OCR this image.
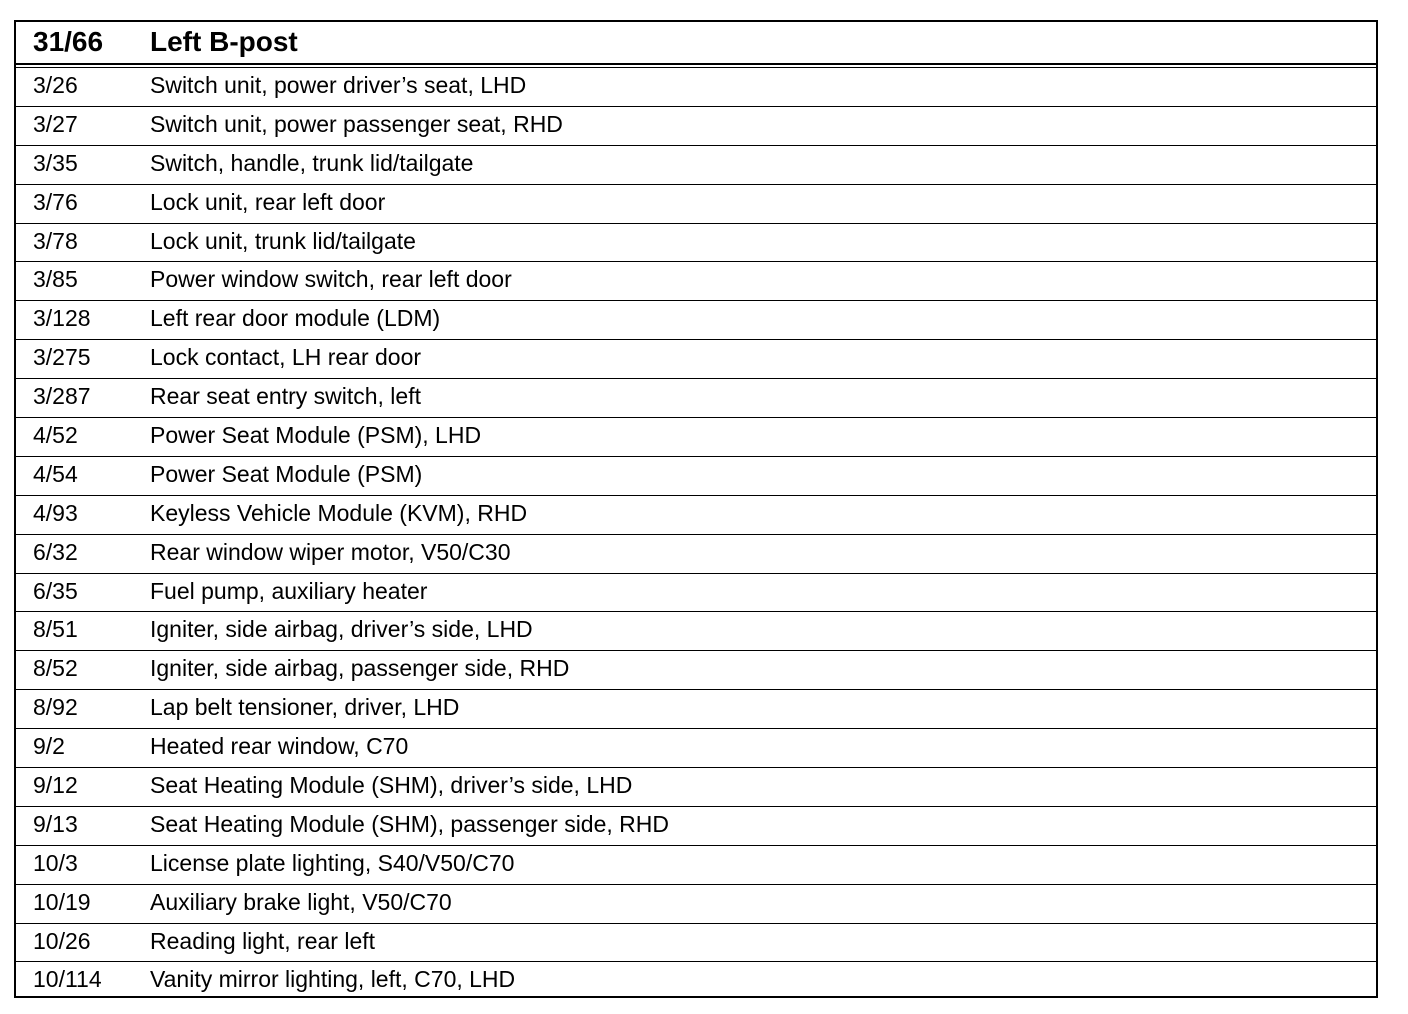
31/66 Left B-post
3/26	Switch unit, power driver’s seat, LHD
3/27	Switch unit, power passenger seat, RHD
3/35	Switch, handle, trunk lid/tailgate
3/76	Lock unit, rear left door
3/78	Lock unit, trunk lid/tailgate
3/85	Power window switch, rear left door
3/128	Left rear door module (LDM)
3/275	Lock contact, LH rear door
3/287	Rear seat entry switch, left
4/52	Power Seat Module (PSM), LHD
4/54	Power Seat Module (PSM)
4/93	Keyless Vehicle Module (KVM), RHD
6/32	Rear window wiper motor, V50/C30
6/35	Fuel pump, auxiliary heater
8/51	Igniter, side airbag, driver’s side, LHD
8/52	Igniter, side airbag, passenger side, RHD
8/92	Lap belt tensioner, driver, LHD
9/2	Heated rear window, C70
9/12	Seat Heating Module (SHM), driver’s side, LHD
9/13	Seat Heating Module (SHM), passenger side, RHD
10/3	License plate lighting, S40/V50/C70
10/19	Auxiliary brake light, V50/C70
10/26	Reading light, rear left
10/114 Vanity mirror lighting, left, C70, LHD
